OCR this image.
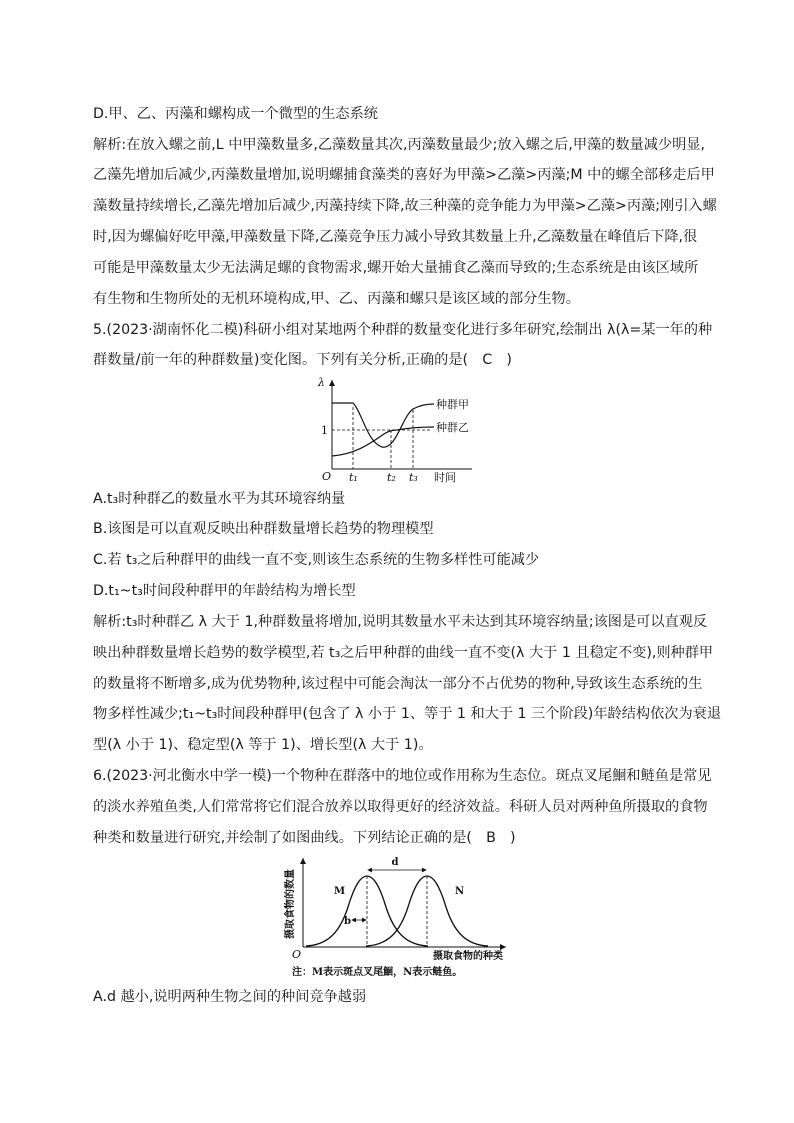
D.甲、乙、丙藻和螺构成一个微型的生态系统
解析:在放入螺之前,L 中甲藻数量多,乙藻数量其次,丙藻数量最少;放入螺之后,甲藻的数量减少明显,
乙藻先增加后减少,丙藻数量增加,说明螺捕食藻类的喜好为甲藻>乙藻>丙藻;M 中的螺全部移走后甲
藻数量持续增长,乙藻先增加后减少,丙藻持续下降,故三种藻的竞争能力为甲藻>乙藻>丙藻;刚引入螺
时,因为螺偏好吃甲藻,甲藻数量下降,乙藻竞争压力减小导致其数量上升,乙藻数量在峰值后下降,很
可能是甲藻数量太少无法满足螺的食物需求,螺开始大量捕食乙藻而导致的;生态系统是由该区域所
有生物和生物所处的无机环境构成,甲、乙、丙藻和螺只是该区域的部分生物。
5.(2023·湖南怀化二模)科研小组对某地两个种群的数量变化进行多年研究,绘制出 λ(λ=某一年的种
群数量/前一年的种群数量)变化图。下列有关分析,正确的是(　C　)
λ
1
O
种群甲
种群乙
t₁	t₂ t₃ 时间
A.t₃时种群乙的数量水平为其环境容纳量
B.该图是可以直观反映出种群数量增长趋势的物理模型
C.若 t₃之后种群甲的曲线一直不变,则该生态系统的生物多样性可能减少
D.t₁~t₃时间段种群甲的年龄结构为增长型
解析:t₃时种群乙 λ 大于 1,种群数量将增加,说明其数量水平未达到其环境容纳量;该图是可以直观反
映出种群数量增长趋势的数学模型,若 t₃之后甲种群的曲线一直不变(λ 大于 1 且稳定不变),则种群甲
的数量将不断增多,成为优势物种,该过程中可能会淘汰一部分不占优势的物种,导致该生态系统的生
物多样性减少;t₁~t₃时间段种群甲(包含了 λ 小于 1、等于 1 和大于 1 三个阶段)年龄结构依次为衰退
型(λ 小于 1)、稳定型(λ 等于 1)、增长型(λ 大于 1)。
6.(2023·河北衡水中学一模)一个物种在群落中的地位或作用称为生态位。斑点叉尾鮰和鲢鱼是常见
的淡水养殖鱼类,人们常常将它们混合放养以取得更好的经济效益。科研人员对两种鱼所摄取的食物
种类和数量进行研究,并绘制了如图曲线。下列结论正确的是(　B　)
摄取食物的数量
O
d
b
M	N
摄取食物的种类
注：M表示斑点叉尾鮰，N表示鲢鱼。
A.d 越小,说明两种生物之间的种间竞争越弱
